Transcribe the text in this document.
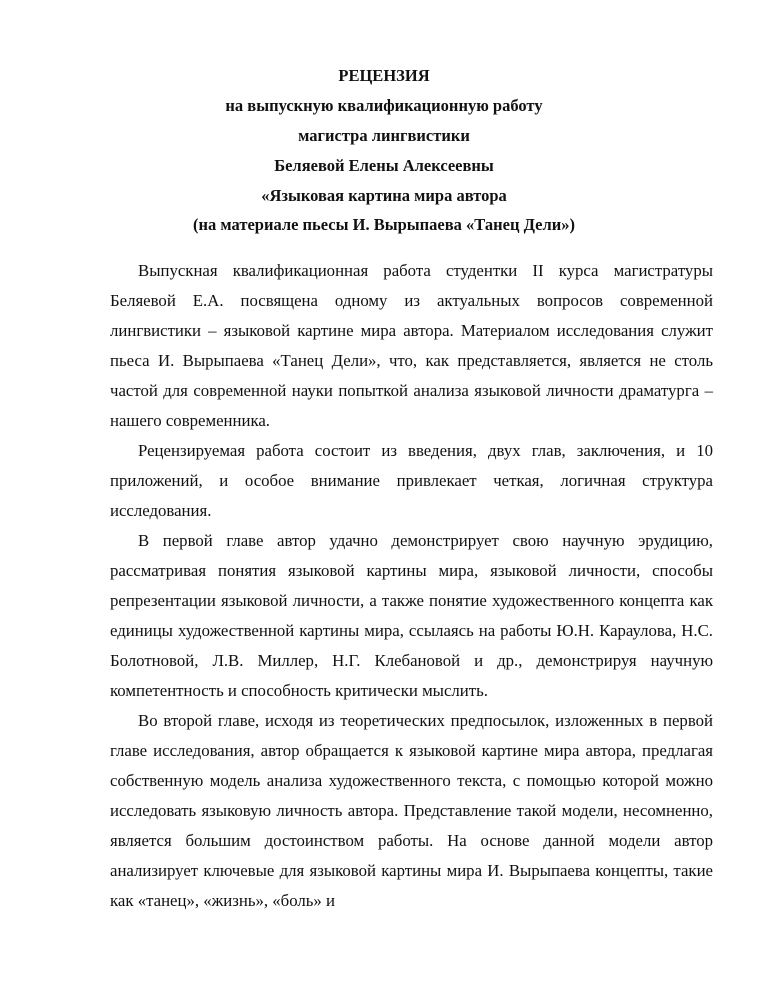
РЕЦЕНЗИЯ
на выпускную квалификационную работу
магистра лингвистики
Беляевой Елены Алексеевны
«Языковая картина мира автора
(на материале пьесы И. Вырыпаева «Танец Дели»)

Выпускная квалификационная работа студентки II курса магистратуры Беляевой Е.А. посвящена одному из актуальных вопросов современной лингвистики – языковой картине мира автора. Материалом исследования служит пьеса И. Вырыпаева «Танец Дели», что, как представляется, является не столь частой для современной науки попыткой анализа языковой личности драматурга – нашего современника.

Рецензируемая работа состоит из введения, двух глав, заключения, и 10 приложений, и особое внимание привлекает четкая, логичная структура исследования.

В первой главе автор удачно демонстрирует свою научную эрудицию, рассматривая понятия языковой картины мира, языковой личности, способы репрезентации языковой личности, а также понятие художественного концепта как единицы художественной картины мира, ссылаясь на работы Ю.Н. Караулова, Н.С. Болотновой, Л.В. Миллер, Н.Г. Клебановой и др., демонстрируя научную компетентность и способность критически мыслить.

Во второй главе, исходя из теоретических предпосылок, изложенных в первой главе исследования, автор обращается к языковой картине мира автора, предлагая собственную модель анализа художественного текста, с помощью которой можно исследовать языковую личность автора. Представление такой модели, несомненно, является большим достоинством работы. На основе данной модели автор анализирует ключевые для языковой картины мира И. Вырыпаева концепты, такие как «танец», «жизнь», «боль» и
